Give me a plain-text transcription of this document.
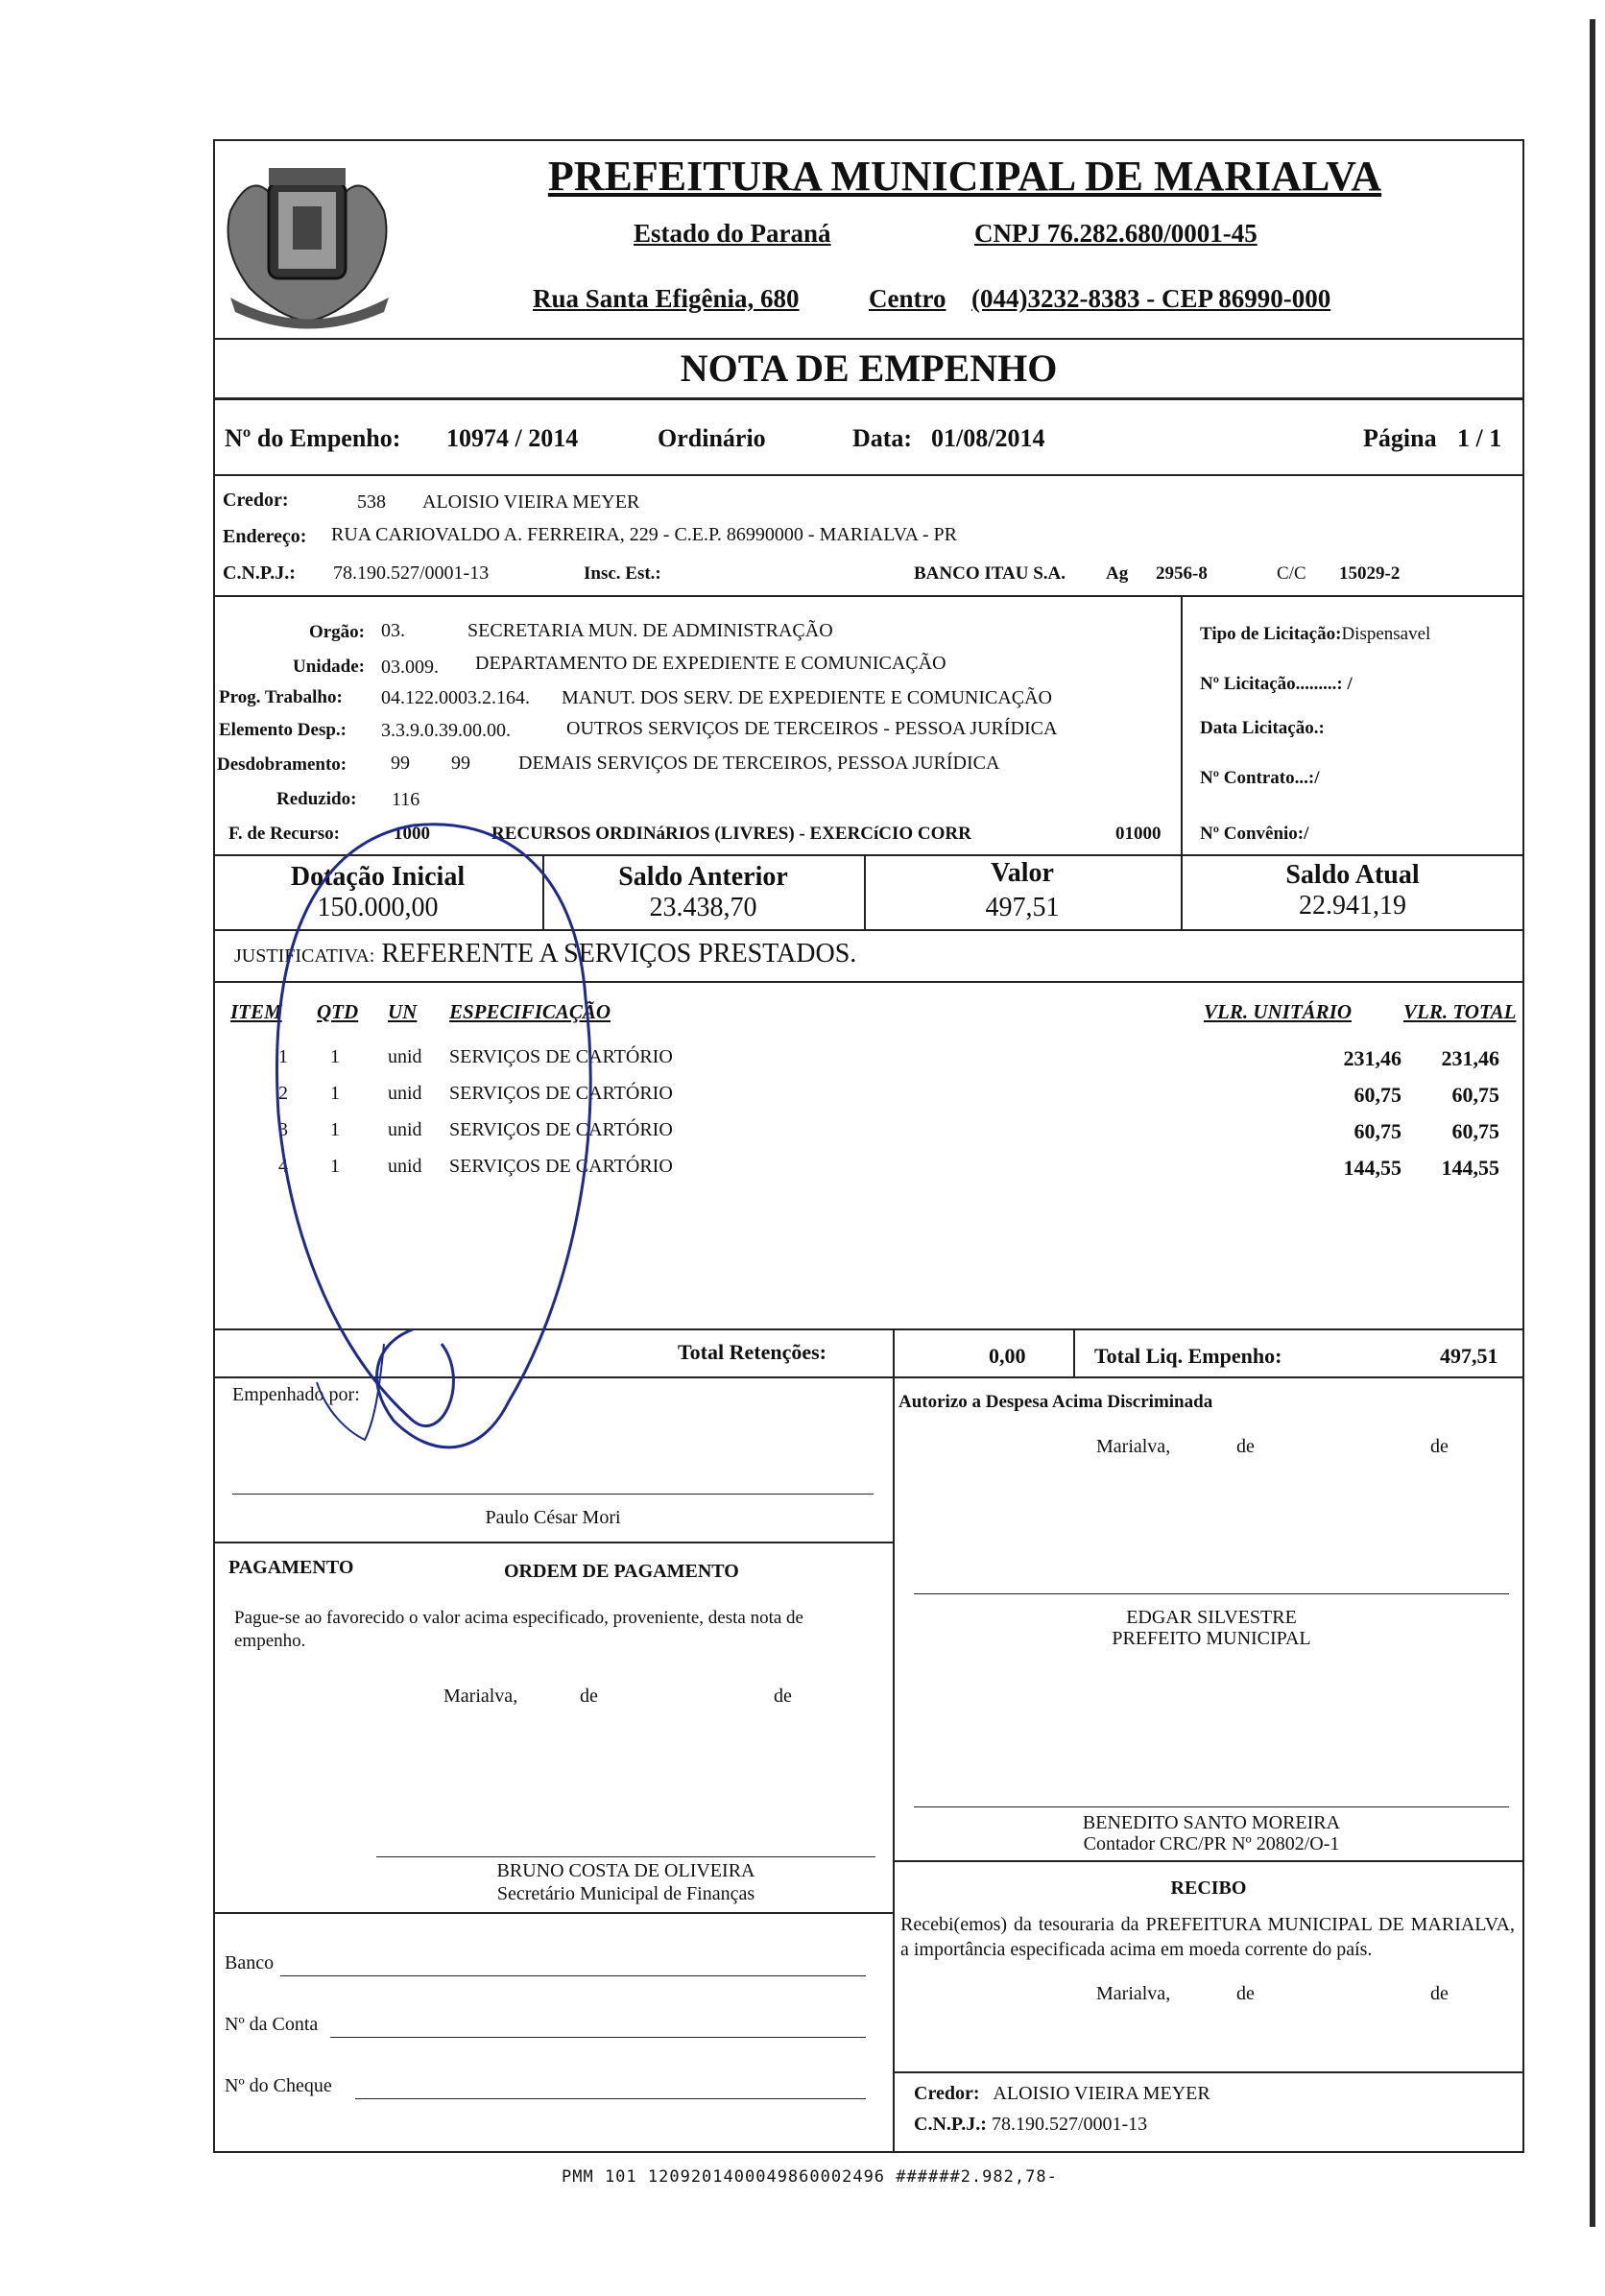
PREFEITURA MUNICIPAL DE MARIALVA
Estado do Paraná	CNPJ 76.282.680/0001-45
Rua Santa Efigênia, 680	Centro (044)3232-8383 - CEP 86990-000
NOTA DE EMPENHO
Nº do Empenho: 10974 / 2014	Ordinário	Data: 01/08/2014	Página 1 / 1
Credor:	538 ALOISIO VIEIRA MEYER
Endereço: RUA CARIOVALDO A. FERREIRA, 229 - C.E.P. 86990000 - MARIALVA - PR
C.N.P.J.: 78.190.527/0001-13	Insc. Est.:	BANCO ITAU S.A. Ag 2956-8	C/C 15029-2
Orgão: 03.	SECRETARIA MUN. DE ADMINISTRAÇÃO
Unidade: 03.009. DEPARTAMENTO DE EXPEDIENTE E COMUNICAÇÃO
Prog. Trabalho: 04.122.0003.2.164. MANUT. DOS SERV. DE EXPEDIENTE E COMUNICAÇÃO
Elemento Desp.: 3.3.9.0.39.00.00.	OUTROS SERVIÇOS DE TERCEIROS - PESSOA JURÍDICA
Desdobramento: 99 99	DEMAIS SERVIÇOS DE TERCEIROS, PESSOA JURÍDICA
Reduzido: 116
F. de Recurso:	1000	RECURSOS ORDINáRIOS (LIVRES) - EXERCíCIO CORR	01000
Tipo de Licitação:Dispensavel
Nº Licitação.........: /
Data Licitação.:
Nº Contrato...:/
Nº Convênio:/
Dotação Inicial
150.000,00
Saldo Anterior
23.438,70
Valor
497,51
Saldo Atual
22.941,19
JUSTIFICATIVA: REFERENTE A SERVIÇOS PRESTADOS.
ITEM QTD UN ESPECIFICAÇÃO	VLR. UNITÁRIO	VLR. TOTAL
1 1	unid SERVIÇOS DE CARTÓRIO	231,46	231,46
2 1	unid SERVIÇOS DE CARTÓRIO	60,75	60,75
3 1	unid SERVIÇOS DE CARTÓRIO	60,75	60,75
4 1	unid SERVIÇOS DE CARTÓRIO	144,55	144,55
Total Retenções:	0,00	Total Liq. Empenho:	497,51
Empenhado por:
Paulo César Mori
Autorizo a Despesa Acima Discriminada
Marialva,	de	de
PAGAMENTO	ORDEM DE PAGAMENTO
Pague-se ao favorecido o valor acima especificado, proveniente, desta nota de empenho.
Marialva,	de	de
EDGAR SILVESTRE
PREFEITO MUNICIPAL
BENEDITO SANTO MOREIRA
Contador CRC/PR Nº 20802/O-1
RECIBO
Recebi(emos) da tesouraria da PREFEITURA MUNICIPAL DE MARIALVA, a importância especificada acima em moeda corrente do país.
Marialva,	de	de
BRUNO COSTA DE OLIVEIRA
Secretário Municipal de Finanças
Banco
Nº da Conta
Nº do Cheque	Credor: ALOISIO VIEIRA MEYER
C.N.P.J.: 78.190.527/0001-13
PMM 101 1209201400049860002496 ######2.982,78-
